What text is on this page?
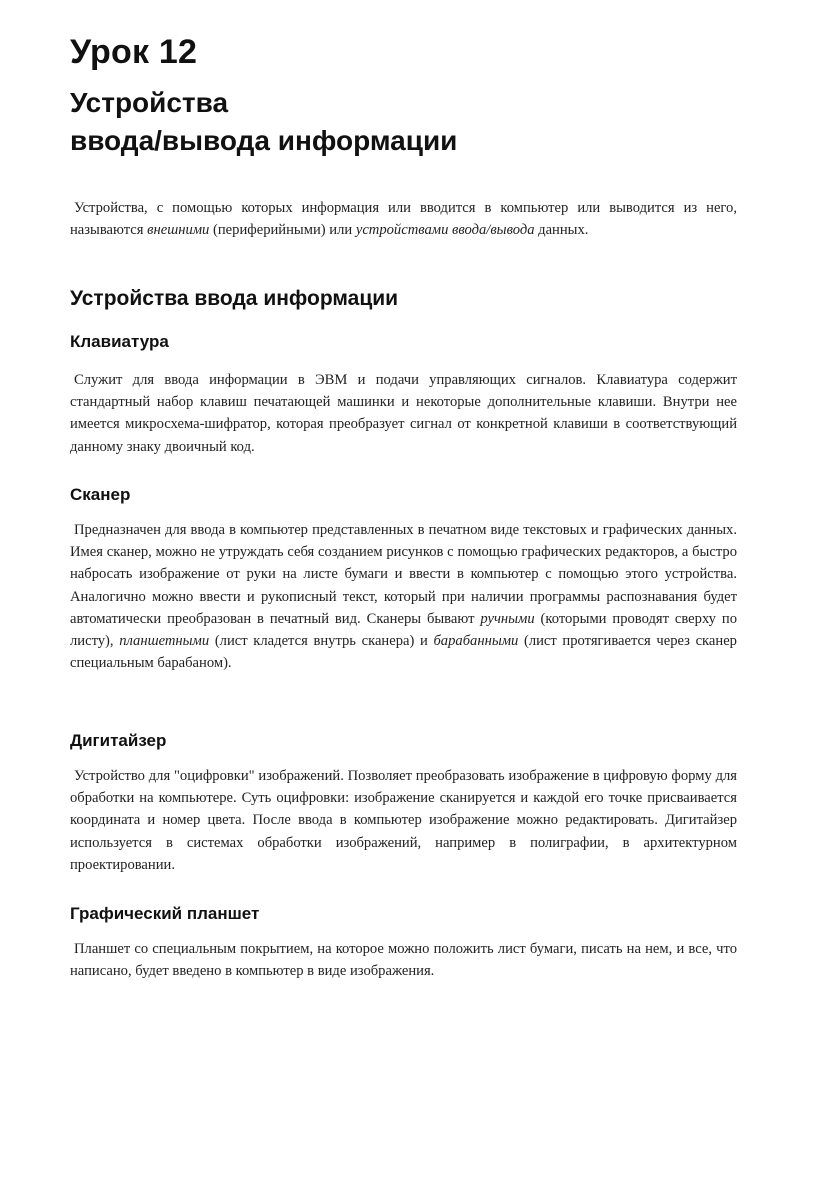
Урок 12
Устройства
ввода/вывода информации

Устройства, с помощью которых информация или вводится в компьютер или выводится из него, называются внешними (периферийными) или устройствами ввода/вывода данных.

Устройства ввода информации
Клавиатура

Служит для ввода информации в ЭВМ и подачи управляющих сигналов. Клавиатура содержит стандартный набор клавиш печатающей машинки и некоторые дополнительные клавиши. Внутри нее имеется микросхема-шифратор, которая преобразует сигнал от конкретной клавиши в соответствующий данному знаку двоичный код.

Сканер

Предназначен для ввода в компьютер представленных в печатном виде текстовых и графических данных. Имея сканер, можно не утруждать себя созданием рисунков с помощью графических редакторов, а быстро набросать изображение от руки на листе бумаги и ввести в компьютер с помощью этого устройства. Аналогично можно ввести и рукописный текст, который при наличии программы распознавания будет автоматически преобразован в печатный вид. Сканеры бывают ручными (которыми проводят сверху по листу), планшетными (лист кладется внутрь сканера) и барабанными (лист протягивается через сканер специальным барабаном).

Дигитайзер

Устройство для "оцифровки" изображений. Позволяет преобразовать изображение в цифровую форму для обработки на компьютере. Суть оцифровки: изображение сканируется и каждой его точке присваивается координата и номер цвета. После ввода в компьютер изображение можно редактировать. Дигитайзер используется в системах обработки изображений, например в полиграфии, в архитектурном проектировании.

Графический планшет

Планшет со специальным покрытием, на которое можно положить лист бумаги, писать на нем, и все, что написано, будет введено в компьютер в виде изображения.
